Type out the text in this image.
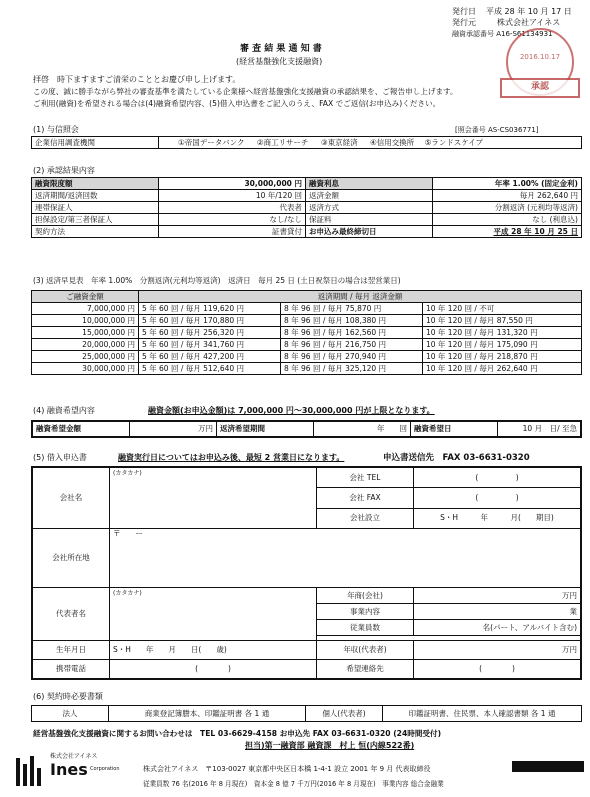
発行日 平成 28 年 10 月 17 日
発行元	株式会社アイネス
融資承認番号 A16-S61134931

2016.10.17
承認
審 査 結 果 通 知 書
(経営基盤強化支援融資)
拝啓　時下ますますご清栄のこととお慶び申し上げます。
この度、誠に勝手ながら弊社の審査基準を満たしている企業様へ経営基盤強化支援融資の承認結果を、ご報告申し上げます。
ご利用(融資)を希望される場合は(4)融資希望内容、(5)借入申込書をご記入のうえ、FAX でご返信(お申込み)ください。
(1) 与信照会	[照会番号 AS-CS036771]
企業信用調査機関	①帝国データバンク ②商工リサーチ ③東京経済 ④信用交換所 ⑤ランドスケイプ
(2) 承認結果内容
融資限度額	30,000,000 円	融資利息	年率 1.00% (固定金利)
返済期間/返済回数	10 年/120 回	返済金額	毎月 262,640 円
連帯保証人	代表者	返済方式	分割返済 (元利均等返済)
担保設定/第三者保証人	なし/なし	保証料	なし (利息込)
契約方法	証書貸付	お申込み最終締切日	平成 28 年 10 月 25 日
(3) 返済早見表　年率 1.00%　分割返済(元利均等返済)　返済日　毎月 25 日 (土日祝祭日の場合は翌営業日)
ご融資金額	返済期間 / 毎月 返済金額		
7,000,000 円	5 年 60 回 / 毎月 119,620 円	8 年 96 回 / 毎月 75,870 円	10 年 120 回 / 不可
10,000,000 円	5 年 60 回 / 毎月 170,880 円	8 年 96 回 / 毎月 108,380 円	10 年 120 回 / 毎月 87,550 円
15,000,000 円	5 年 60 回 / 毎月 256,320 円	8 年 96 回 / 毎月 162,560 円	10 年 120 回 / 毎月 131,320 円
20,000,000 円	5 年 60 回 / 毎月 341,760 円	8 年 96 回 / 毎月 216,750 円	10 年 120 回 / 毎月 175,090 円
25,000,000 円	5 年 60 回 / 毎月 427,200 円	8 年 96 回 / 毎月 270,940 円	10 年 120 回 / 毎月 218,870 円
30,000,000 円	5 年 60 回 / 毎月 512,640 円	8 年 96 回 / 毎月 325,120 円	10 年 120 回 / 毎月 262,640 円
(4) 融資希望内容	融資金額(お申込金額)は 7,000,000 円～30,000,000 円が上限となります。
融資希望金額	万円	返済希望期間	年　　回	融資希望日	10 月　日/ 至急
(5) 借入申込書	融資実行日についてはお申込み後、最短 2 営業日になります。	申込書送信先　FAX 03-6631-0320
会社名	(カタカナ)	会社 TEL	(　　　　　)
		会社 FAX	(　　　　　)
		会社設立	S・H　　　年　　　月(　　期目)
会社所在地	〒　　ー		
代表者名	(カタカナ)	年商(会社)	万円
		事業内容	業
		従業員数	名(パート、アルバイト含む)

生年月日	S・H　　年　　月　　日(　　歳)	年収(代表者)	万円
携帯電話	(　　　　)	希望連絡先	(　　　　)
(6) 契約時必要書類
法人	商業登記簿謄本、印鑑証明書 各 1 通	個人(代表者)	印鑑証明書、住民票、本人確認書類 各 1 通
経営基盤強化支援融資に関するお問い合わせは　TEL 03-6629-4158 お申込先 FAX 03-6631-0320 (24時間受付)
担当)第一融資部 融資課　村上 恒(内線522番)
株式会社アイネス
Ines Corporation	株式会社アイネス　〒103-0027 東京都中央区日本橋 1-4-1 設立 2001 年 9 月 代表取締役
従業員数 76 名(2016 年 8 月現在)　資本金 8 億 7 千万円(2016 年 8 月現在)　事業内容 総合金融業
